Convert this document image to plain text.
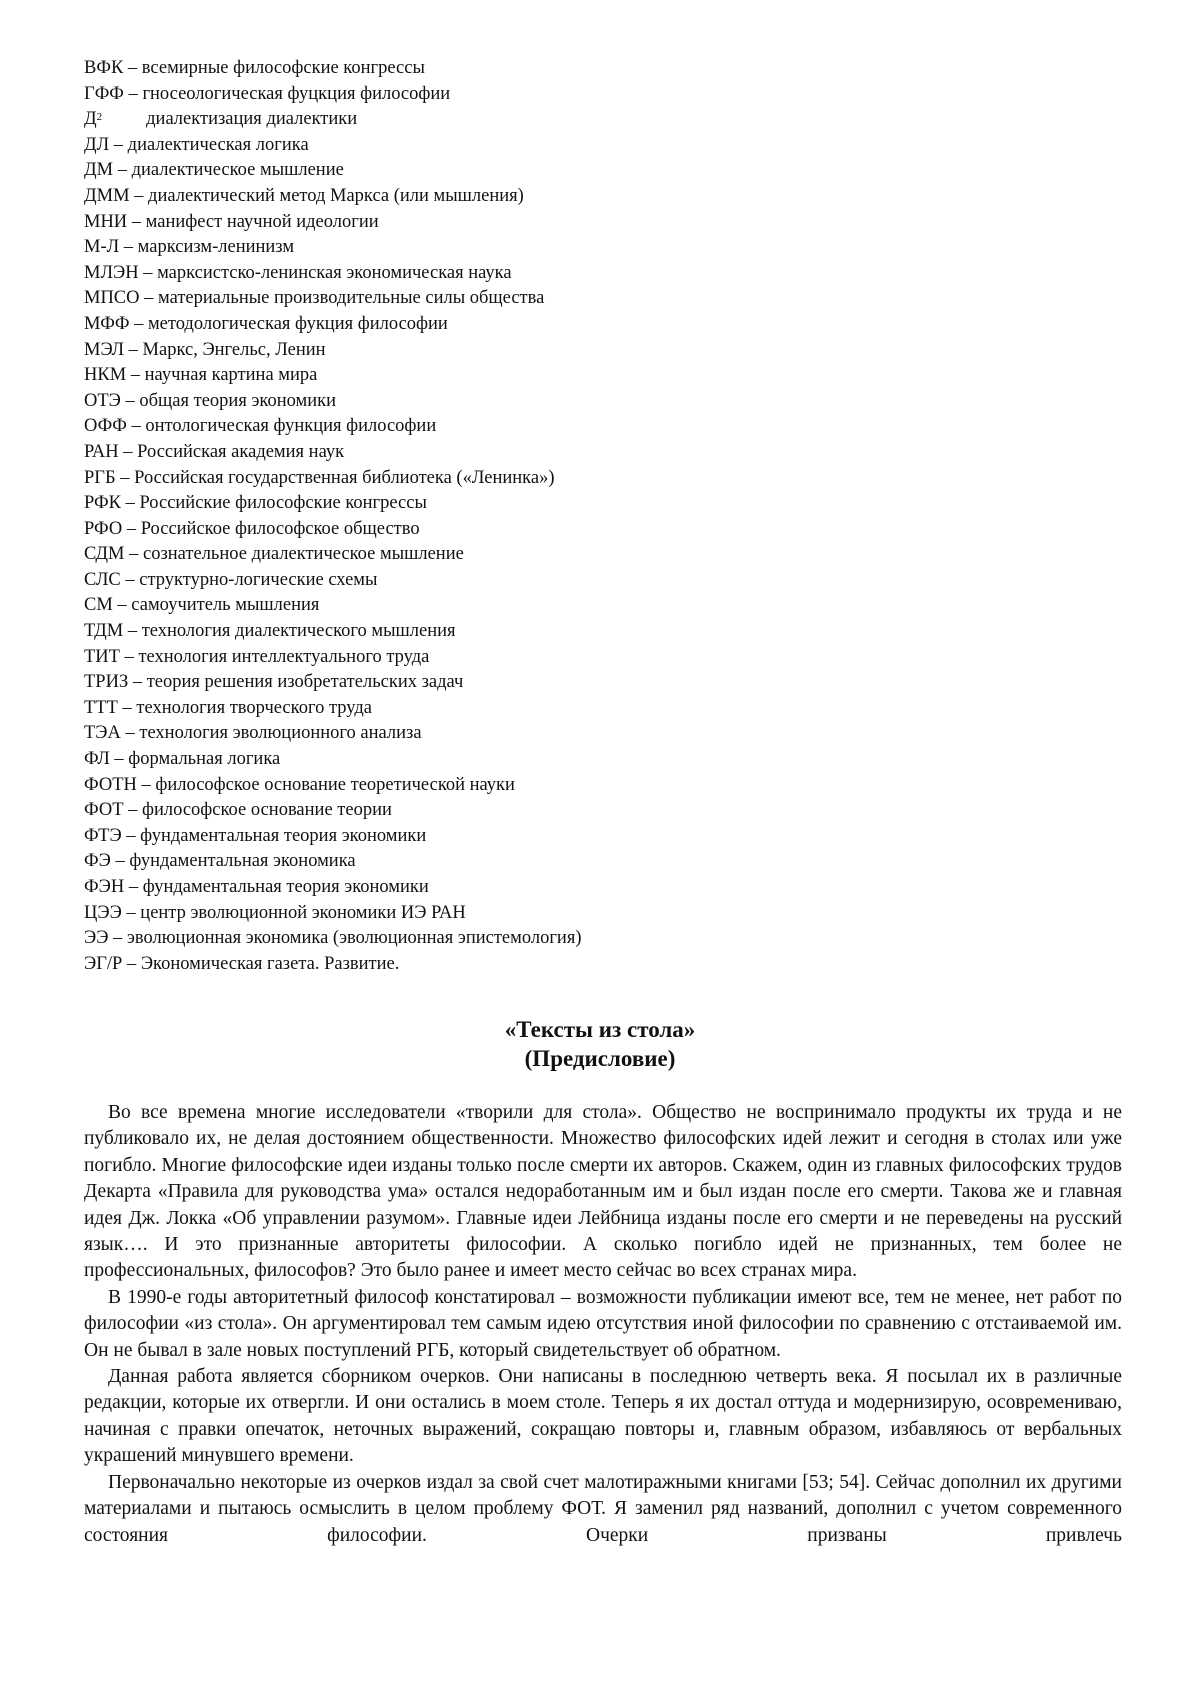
ВФК – всемирные философские конгрессы
ГФФ – гносеологическая фуцкция философии
$Д^2$ диалектизация диалектики
ДЛ – диалектическая логика
ДМ – диалектическое мышление
ДММ – диалектический метод Маркса (или мышления)
МНИ – манифест научной идеологии
М-Л – марксизм-ленинизм
МЛЭН – марксистско-ленинская экономическая наука
МПСО – материальные производительные силы общества
МФФ – методологическая фукция философии
МЭЛ – Маркс, Энгельс, Ленин
НКМ – научная картина мира
ОТЭ – общая теория экономики
ОФФ – онтологическая функция философии
РАН – Российская академия наук
РГБ – Российская государственная библиотека («Ленинка»)
РФК – Российские философские конгрессы
РФО – Российское философское общество
СДМ – сознательное диалектическое мышление
СЛС – структурно-логические схемы
СМ – самоучитель мышления
ТДМ – технология диалектического мышления
ТИТ – технология интеллектуального труда
ТРИЗ – теория решения изобретательских задач
ТТТ – технология творческого труда
ТЭА – технология эволюционного анализа
ФЛ – формальная логика
ФОТН – философское основание теоретической науки
ФОТ – философское основание теории
ФТЭ – фундаментальная теория экономики
ФЭ – фундаментальная экономика
ФЭН – фундаментальная теория экономики
ЦЭЭ – центр эволюционной экономики ИЭ РАН
ЭЭ – эволюционная экономика (эволюционная эпистемология)
ЭГ/Р – Экономическая газета. Развитие.
«Тексты из стола»
(Предисловие)

Во все времена многие исследователи «творили для стола». Общество не воспринимало продукты их труда и не публиковало их, не делая достоянием общественности. Множество философских идей лежит и сегодня в столах или уже погибло. Многие философские идеи изданы только после смерти их авторов. Скажем, один из главных философских трудов Декарта «Правила для руководства ума» остался недоработанным им и был издан после его смерти. Такова же и главная идея Дж. Локка «Об управлении разумом». Главные идеи Лейбница изданы после его смерти и не переведены на русский язык…. И это признанные авторитеты философии. А сколько погибло идей не признанных, тем более не профессиональных, философов? Это было ранее и имеет место сейчас во всех странах мира.

В 1990-е годы авторитетный философ констатировал – возможности публикации имеют все, тем не менее, нет работ по философии «из стола». Он аргументировал тем самым идею отсутствия иной философии по сравнению с отстаиваемой им. Он не бывал в зале новых поступлений РГБ, который свидетельствует об обратном.

Данная работа является сборником очерков. Они написаны в последнюю четверть века. Я посылал их в различные редакции, которые их отвергли. И они остались в моем столе. Теперь я их достал оттуда и модернизирую, осовремениваю, начиная с правки опечаток, неточных выражений, сокращаю повторы и, главным образом, избавляюсь от вербальных украшений минувшего времени.

Первоначально некоторые из очерков издал за свой счет малотиражными книгами [53; 54]. Сейчас дополнил их другими материалами и пытаюсь осмыслить в целом проблему ФОТ. Я заменил ряд названий, дополнил с учетом современного состояния философии. Очерки призваны привлечь
